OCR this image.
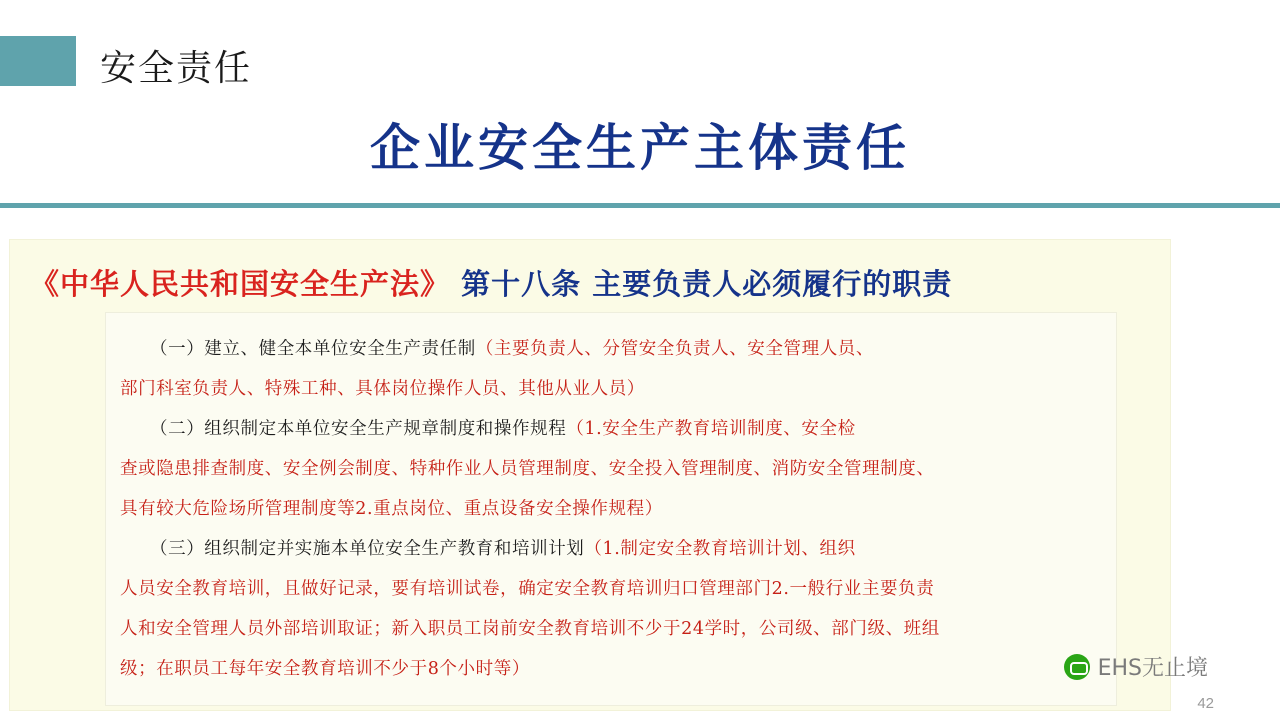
安全责任
企业安全生产主体责任
《中华人民共和国安全生产法》 第十八条 主要负责人必须履行的职责
（一）建立、健全本单位安全生产责任制（主要负责人、分管安全负责人、安全管理人员、
部门科室负责人、特殊工种、具体岗位操作人员、其他从业人员）
（二）组织制定本单位安全生产规章制度和操作规程（1.安全生产教育培训制度、安全检
查或隐患排查制度、安全例会制度、特种作业人员管理制度、安全投入管理制度、消防安全管理制度、
具有较大危险场所管理制度等2.重点岗位、重点设备安全操作规程）
（三）组织制定并实施本单位安全生产教育和培训计划（1.制定安全教育培训计划、组织
人员安全教育培训，且做好记录，要有培训试卷，确定安全教育培训归口管理部门2.一般行业主要负责
人和安全管理人员外部培训取证；新入职员工岗前安全教育培训不少于24学时，公司级、部门级、班组
级；在职员工每年安全教育培训不少于8个小时等）	EHS无止境
42
